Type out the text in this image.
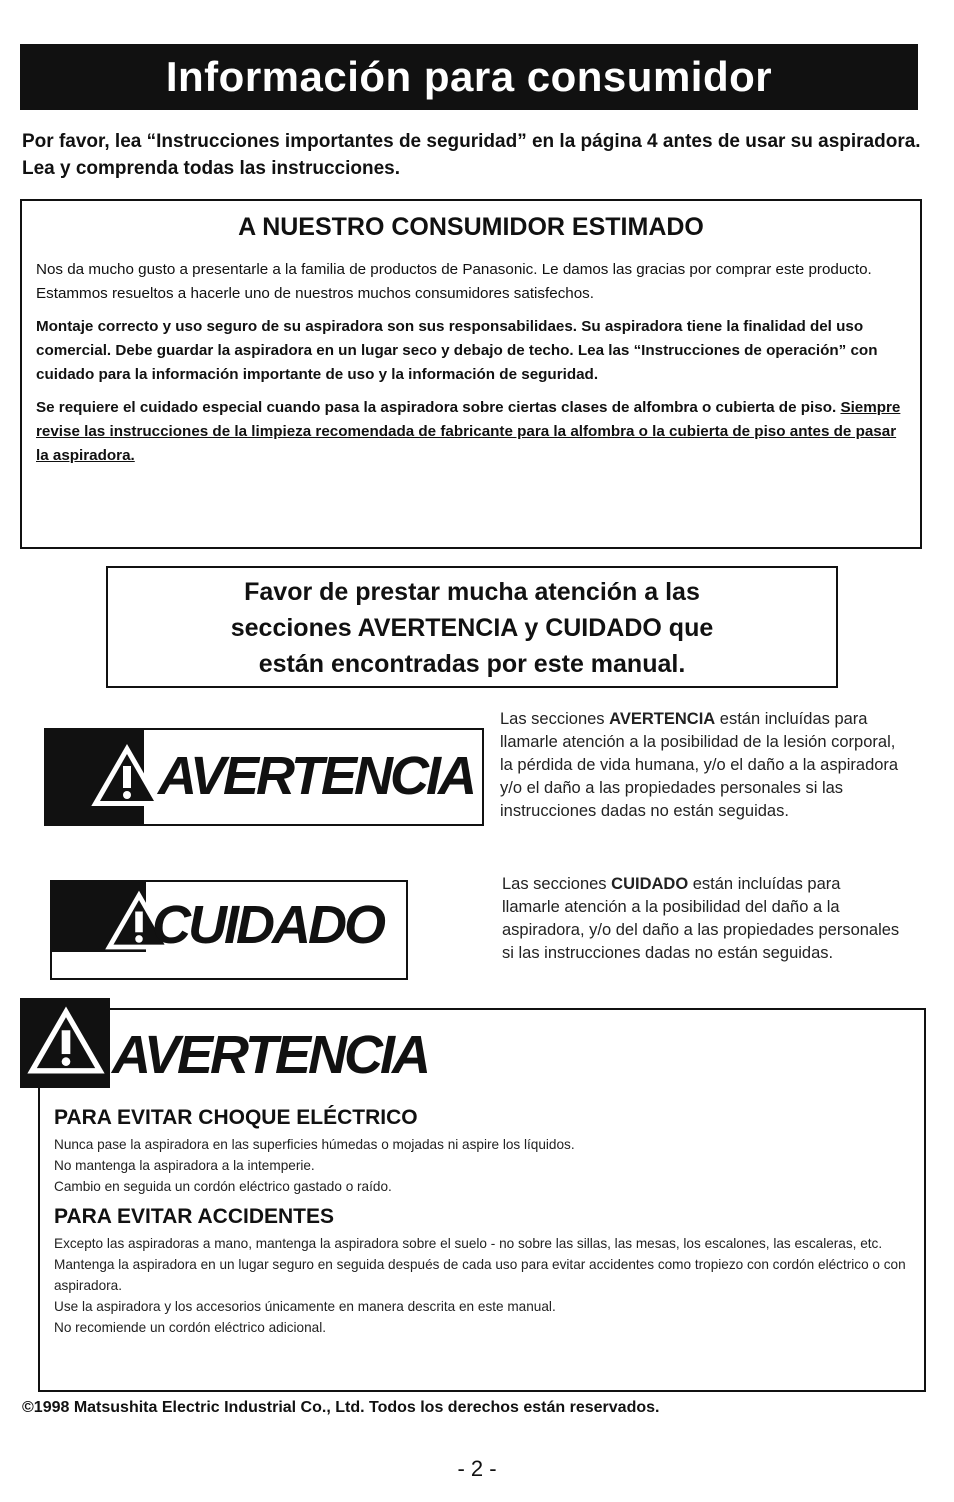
Información para consumidor
Por favor, lea “Instrucciones importantes de seguridad” en la página 4 antes de usar su aspiradora. Lea y comprenda todas las instrucciones.
A NUESTRO CONSUMIDOR ESTIMADO

Nos da mucho gusto a presentarle a la familia de productos de Panasonic. Le damos las gracias por comprar este producto. Estammos resueltos a hacerle uno de nuestros muchos consumidores satisfechos.

Montaje correcto y uso seguro de su aspiradora son sus responsabilidaes. Su aspiradora tiene la finalidad del uso comercial. Debe guardar la aspiradora en un lugar seco y debajo de techo. Lea las “Instrucciones de operación” con cuidado para la información importante de uso y la información de seguridad.

Se requiere el cuidado especial cuando pasa la aspiradora sobre ciertas clases de alfombra o cubierta de piso. Siempre revise las instrucciones de la limpieza recomendada de fabricante para la alfombra o la cubierta de piso antes de pasar la aspiradora.

Favor de prestar mucha atención a las
secciones AVERTENCIA y CUIDADO que
están encontradas por este manual.
AVERTENCIA
Las secciones AVERTENCIA están incluídas para llamarle atención a la posibilidad de la lesión corporal, la pérdida de vida humana, y/o el daño a la aspiradora y/o el daño a las propiedades personales si las instrucciones dadas no están seguidas.
CUIDADO
Las secciones CUIDADO están incluídas para llamarle atención a la posibilidad del daño a la aspiradora, y/o del daño a las propiedades personales si las instrucciones dadas no están seguidas.
AVERTENCIA
PARA EVITAR CHOQUE ELÉCTRICO

Nunca pase la aspiradora en las superficies húmedas o mojadas ni aspire los líquidos.

No mantenga la aspiradora a la intemperie.

Cambio en seguida un cordón eléctrico gastado o raído.

PARA EVITAR ACCIDENTES

Excepto las aspiradoras a mano, mantenga la aspiradora sobre el suelo - no sobre las sillas, las mesas, los escalones, las escaleras, etc.

Mantenga la aspiradora en un lugar seguro en seguida después de cada uso para evitar accidentes como tropiezo con cordón eléctrico o con aspiradora.

Use la aspiradora y los accesorios únicamente en manera descrita en este manual.

No recomiende un cordón eléctrico adicional.

©1998 Matsushita Electric Industrial Co., Ltd. Todos los derechos están reservados.
- 2 -
